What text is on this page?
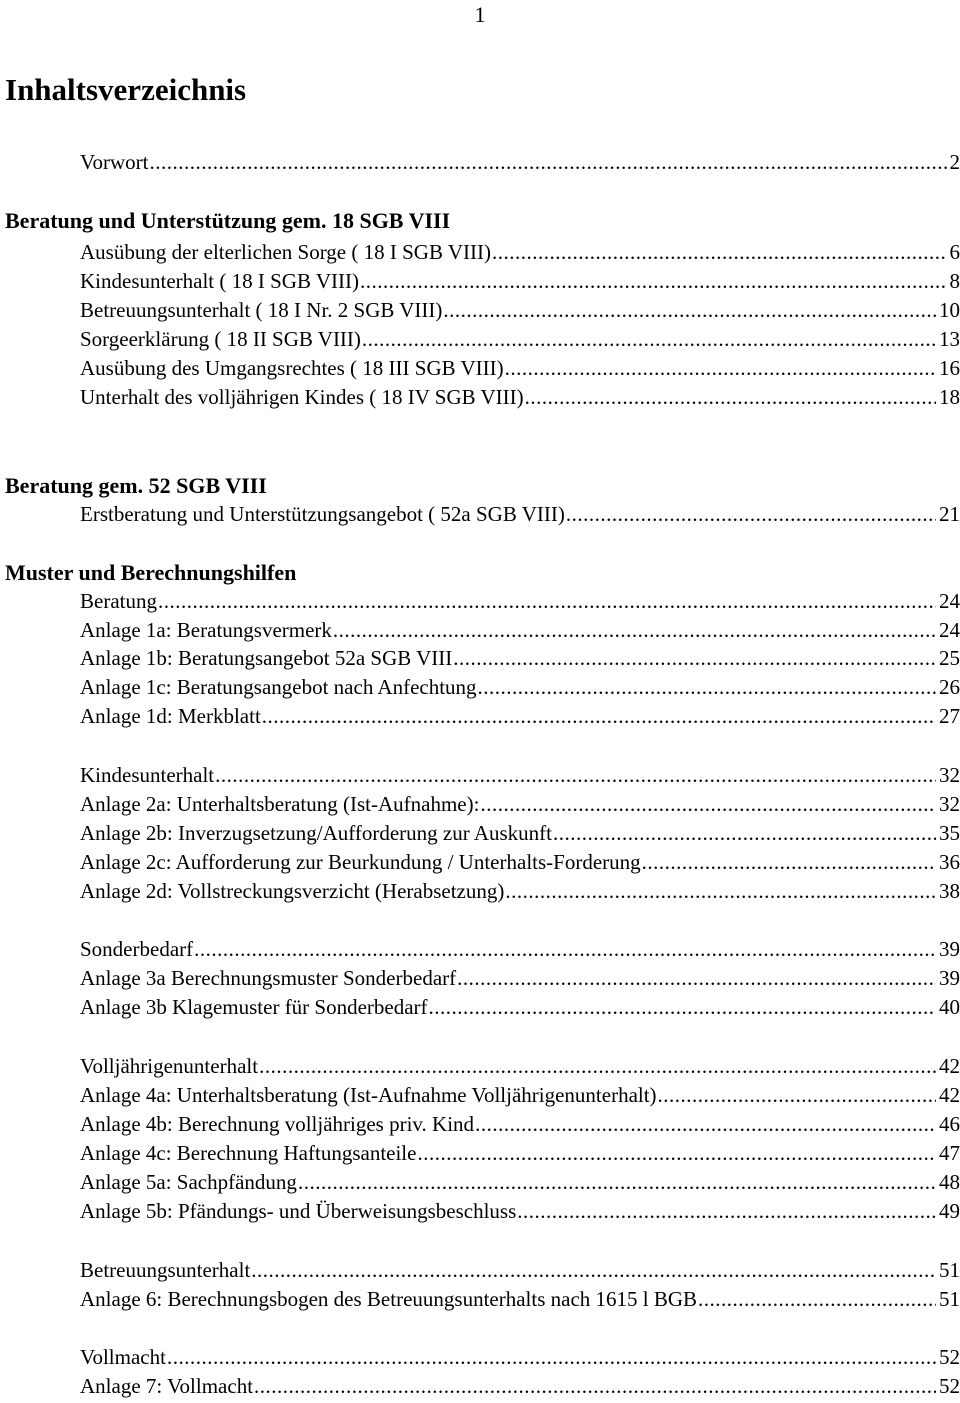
1
Inhaltsverzeichnis
Vorwort .....	2
Beratung und Unterstützung gem. 18 SGB VIII
Ausübung der elterlichen Sorge ( 18 I SGB VIII) .....	6
Kindesunterhalt ( 18 I SGB VIII) .....	8
Betreuungsunterhalt ( 18 I Nr. 2 SGB VIII) .....	10
Sorgeerklärung ( 18 II SGB VIII) .....	13
Ausübung des Umgangsrechtes ( 18 III SGB VIII) .....	16
Unterhalt des volljährigen Kindes ( 18 IV SGB VIII) .....	18
Beratung gem. 52 SGB VIII
Erstberatung und Unterstützungsangebot ( 52a SGB VIII) .....	21
Muster und Berechnungshilfen
Beratung .....	24
Anlage 1a: Beratungsvermerk .....	24
Anlage 1b: Beratungsangebot 52a SGB VIII .....	25
Anlage 1c: Beratungsangebot nach Anfechtung .....	26
Anlage 1d: Merkblatt .....	27
Kindesunterhalt .....	32
Anlage 2a: Unterhaltsberatung (Ist-Aufnahme): .....	32
Anlage 2b: Inverzugsetzung/Aufforderung zur Auskunft .....	35
Anlage 2c: Aufforderung zur Beurkundung / Unterhalts-Forderung .....	36
Anlage 2d: Vollstreckungsverzicht (Herabsetzung) .....	38
Sonderbedarf .....	39
Anlage 3a Berechnungsmuster Sonderbedarf .....	39
Anlage 3b Klagemuster für Sonderbedarf .....	40
Volljährigenunterhalt .....	42
Anlage 4a: Unterhaltsberatung (Ist-Aufnahme Volljährigenunterhalt) .....	42
Anlage 4b: Berechnung volljähriges priv. Kind .....	46
Anlage 4c: Berechnung Haftungsanteile .....	47
Anlage 5a: Sachpfändung .....	48
Anlage 5b: Pfändungs- und Überweisungsbeschluss .....	49
Betreuungsunterhalt .....	51
Anlage 6: Berechnungsbogen des Betreuungsunterhalts nach 1615 l BGB .....	51
Vollmacht .....	52
Anlage 7: Vollmacht .....	52
